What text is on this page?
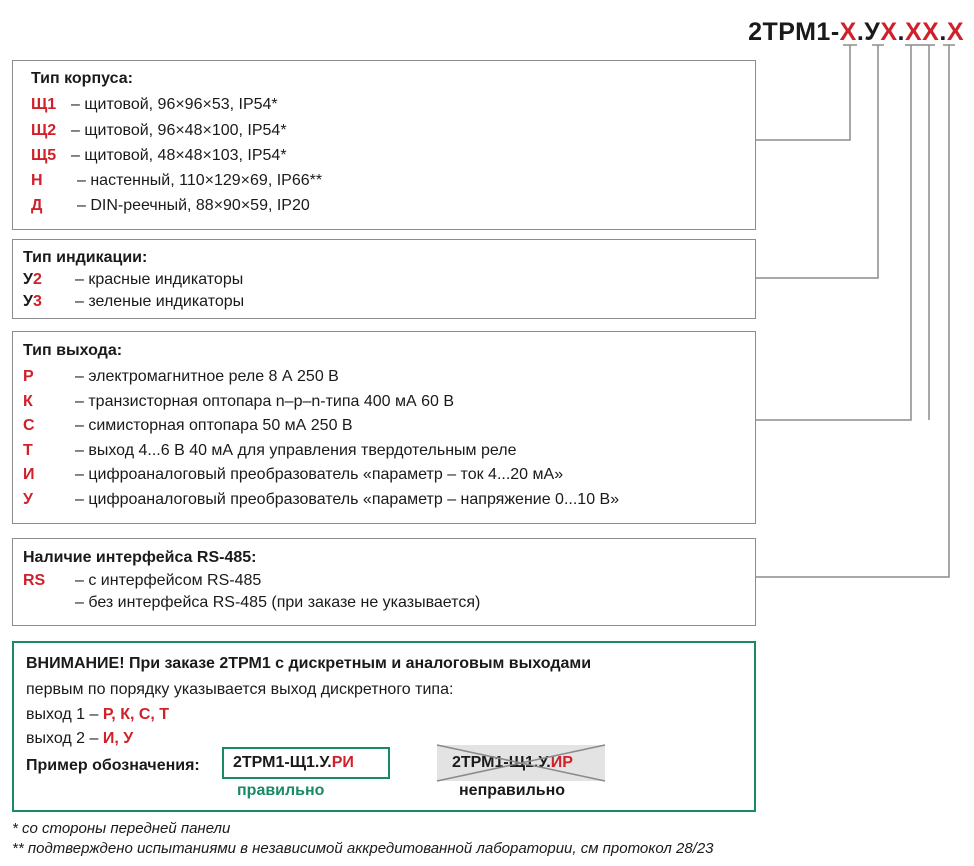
2ТРМ1-Х.УХ.ХХ.Х
Тип корпуса:
Щ1 – щитовой, 96×96×53, IP54*
Щ2 – щитовой, 96×48×100, IP54*
Щ5 – щитовой, 48×48×103, IP54*
Н – настенный, 110×129×69, IP66**
Д – DIN-реечный, 88×90×59, IP20
Тип индикации:
У2 – красные индикаторы
У3 – зеленые индикаторы
Тип выхода:
Р	– электромагнитное реле 8 А 250 В
К	– транзисторная оптопара n–p–n-типа 400 мА 60 В
С	– симисторная оптопара 50 мА 250 В
Т	– выход 4...6 В 40 мА для управления твердотельным реле
И	– цифроаналоговый преобразователь «параметр – ток 4...20 мА»
У	– цифроаналоговый преобразователь «параметр – напряжение 0...10 В»
Наличие интерфейса RS-485:
RS – с интерфейсом RS-485
– без интерфейса RS-485 (при заказе не указывается)
ВНИМАНИЕ! При заказе 2ТРМ1 с дискретным и аналоговым выходами
первым по порядку указывается выход дискретного типа:
выход 1 – Р, К, С, Т
выход 2 – И, У
Пример обозначения:	2ТРМ1-Щ1.У.РИ
правильно
2ТРМ1-Щ1.У.ИР
неправильно
* со стороны передней панели
** подтверждено испытаниями в независимой аккредитованной лаборатории, см протокол 28/23
